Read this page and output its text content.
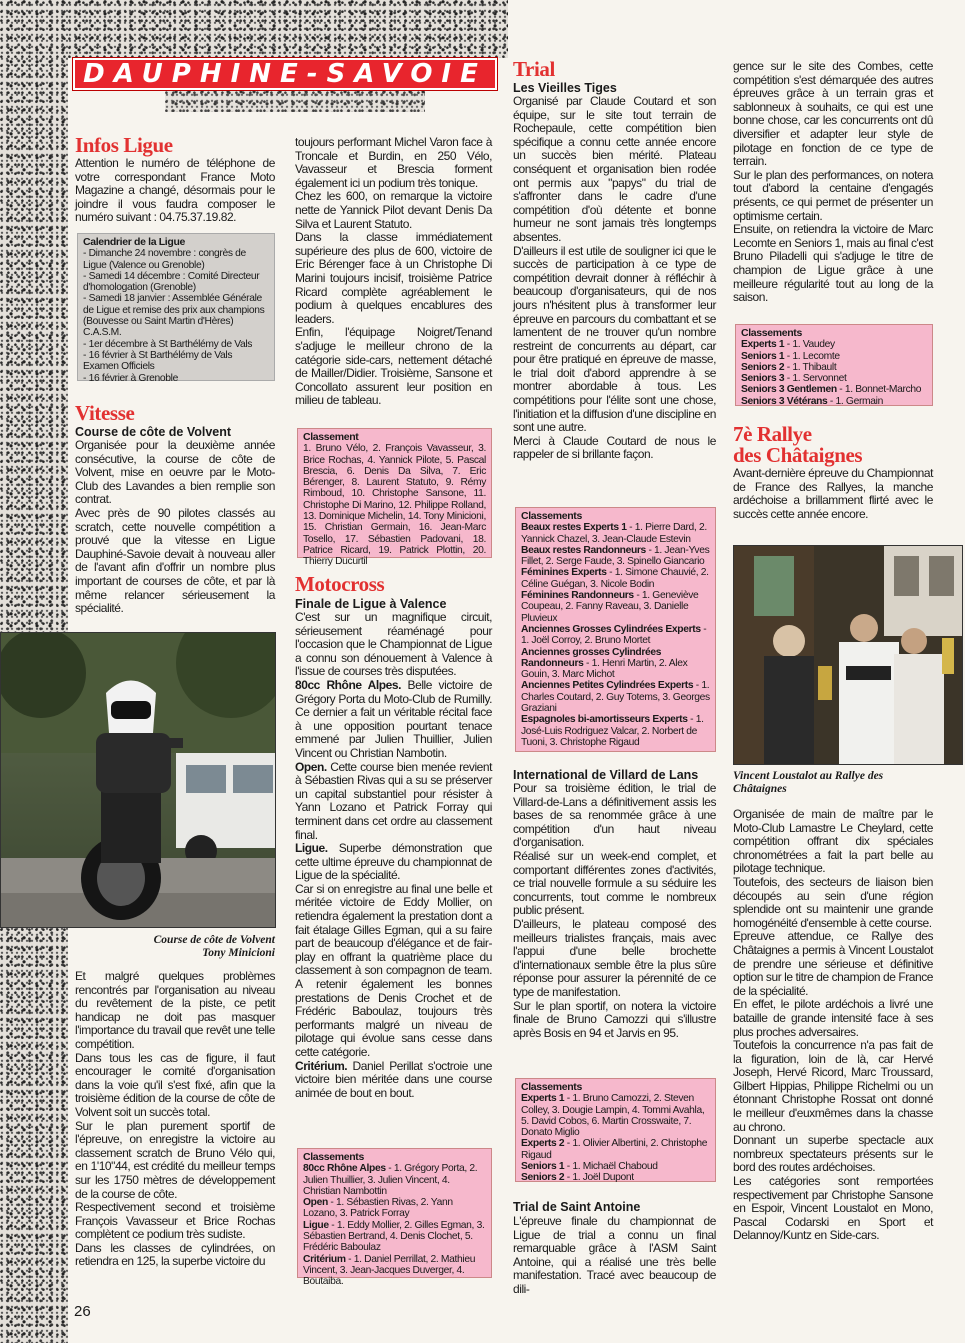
DAUPHINE-SAVOIE
Infos Ligue
Attention le numéro de téléphone de votre correspondant France Moto Magazine a changé, désormais pour le joindre il vous faudra composer le numéro suivant : 04.75.37.19.82.
Calendrier de la Ligue
- Dimanche 24 novembre : congrès de Ligue (Valence ou Grenoble)
- Samedi 14 décembre : Comité Directeur d'homologation (Grenoble)
- Samedi 18 janvier : Assemblée Générale de Ligue et remise des prix aux champions (Bouvesse ou Saint Martin d'Hères)
C.A.S.M.
- 1er décembre à St Barthélémy de Vals
- 16 février à St Barthélémy de Vals
Examen Officiels
- 16 février à Grenoble
Vitesse
Course de côte de Volvent

Organisée pour la deuxième année consécutive, la course de côte de Volvent, mise en oeuvre par le Moto-Club des Lavandes a bien remplie son contrat.

Avec près de 90 pilotes classés au scratch, cette nouvelle compétition a prouvé que la vitesse en Ligue Dauphiné-Savoie devait à nouveau aller de l'avant afin d'offrir un nombre plus important de courses de côte, et par là même relancer sérieusement la spécialité.

Course de côte de Volvent
Tony Minicioni

Et malgré quelques problèmes rencontrés par l'organisation au niveau du revêtement de la piste, ce petit handicap ne doit pas masquer l'importance du travail que revêt une telle compétition.

Dans tous les cas de figure, il faut encourager le comité d'organisation dans la voie qu'il s'est fixé, afin que la troisième édition de la course de côte de Volvent soit un succès total.

Sur le plan purement sportif de l'épreuve, on enregistre la victoire au classement scratch de Bruno Vélo qui, en 1'10"44, est crédité du meilleur temps sur les 1750 mètres de développement de la course de côte.

Respectivement second et troisième François Vavasseur et Brice Rochas complètent ce podium très sudiste.

Dans les classes de cylindrées, on retiendra en 125, la superbe victoire du

26

toujours performant Michel Varon face à Troncale et Burdin, en 250 Vélo, Vavasseur et Brescia forment également ici un podium très tonique.

Chez les 600, on remarque la victoire nette de Yannick Pilot devant Denis Da Silva et Laurent Statuto.

Dans la classe immédiatement supérieure des plus de 600, victoire de Eric Bérenger face à un Christophe Di Marini toujours incisif, troisième Patrice Ricard complète agréablement le podium à quelques encablures des leaders.

Enfin, l'équipage Noigret/Tenand s'adjuge le meilleur chrono de la catégorie side-cars, nettement détaché de Mailler/Didier. Troisième, Sansone et Concollato assurent leur position en milieu de tableau.

Classement
1. Bruno Vélo, 2. François Vavasseur, 3. Brice Rochas, 4. Yannick Pilote, 5. Pascal Brescia, 6. Denis Da Silva, 7. Eric Bérenger, 8. Laurent Statuto, 9. Rémy Rimboud, 10. Christophe Sansone, 11. Christophe Di Marino, 12. Philippe Rolland, 13. Dominique Michelin, 14. Tony Minicioni, 15. Christian Germain, 16. Jean-Marc Tosello, 17. Sébastien Padovani, 18. Patrice Ricard, 19. Patrick Plottin, 20. Thierry Ducurtil
Motocross
Finale de Ligue à Valence

C'est sur un magnifique circuit, sérieusement réaménagé pour l'occasion que le Championnat de Ligue a connu son dénouement à Valence à l'issue de courses très disputées.

80cc Rhône Alpes. Belle victoire de Grégory Porta du Moto-Club de Rumilly. Ce dernier a fait un véritable récital face à une opposition pourtant tenace emmené par Julien Thuillier, Julien Vincent ou Christian Nambotin.

Open. Cette course bien menée revient à Sébastien Rivas qui a su se préserver un capital substantiel pour résister à Yann Lozano et Patrick Forray qui terminent dans cet ordre au classement final.

Ligue. Superbe démonstration que cette ultime épreuve du championnat de Ligue de la spécialité.

Car si on enregistre au final une belle et méritée victoire de Eddy Mollier, on retiendra également la prestation dont a fait étalage Gilles Egman, qui a su faire part de beaucoup d'élégance et de fair-play en offrant la quatrième place du classement à son compagnon de team. A retenir également les bonnes prestations de Denis Crochet et de Frédéric Baboulaz, toujours très performants malgré un niveau de pilotage qui évolue sans cesse dans cette catégorie.

Critérium. Daniel Perillat s'octroie une victoire bien méritée dans une course animée de bout en bout.

Classements
80cc Rhône Alpes - 1. Grégory Porta, 2. Julien Thuillier, 3. Julien Vincent, 4. Christian Nambottin
Open - 1. Sébastien Rivas, 2. Yann Lozano, 3. Patrick Forray
Ligue - 1. Eddy Mollier, 2. Gilles Egman, 3. Sébastien Bertrand, 4. Denis Clochet, 5. Frédéric Baboulaz
Critérium - 1. Daniel Perrillat, 2. Mathieu Vincent, 3. Jean-Jacques Duverger, 4. Boutaiba.
Trial
Les Vieilles Tiges

Organisé par Claude Coutard et son équipe, sur le site tout terrain de Rochepaule, cette compétition bien spécifique a connu cette année encore un succès bien mérité. Plateau conséquent et organisation bien rodée ont permis aux "papys" du trial de s'affronter dans le cadre d'une compétition d'où détente et bonne humeur ne sont jamais très longtemps absentes.

D'ailleurs il est utile de souligner ici que le succès de participation à ce type de compétition devrait donner à réfléchir à beaucoup d'organisateurs, qui de nos jours n'hésitent plus à transformer leur épreuve en parcours du combattant et se lamentent de ne trouver qu'un nombre restreint de concurrents au départ, car pour être pratiqué en épreuve de masse, le trial doit d'abord apprendre à se montrer abordable à tous. Les compétitions pour l'élite sont une chose, l'initiation et la diffusion d'une discipline en sont une autre.

Merci à Claude Coutard de nous le rappeler de si brillante façon.

Classements
Beaux restes Experts 1 - 1. Pierre Dard, 2. Yannick Chazel, 3. Jean-Claude Estevin
Beaux restes Randonneurs - 1. Jean-Yves Fillet, 2. Serge Faude, 3. Spinello Giancario
Féminines Experts - 1. Simone Chauvié, 2. Céline Guégan, 3. Nicole Bodin
Féminines Randonneurs - 1. Geneviève Coupeau, 2. Fanny Raveau, 3. Danielle Pluvieux
Anciennes Grosses Cylindrées Experts - 1. Joël Corroy, 2. Bruno Mortet
Anciennes grosses Cylindrées Randonneurs - 1. Henri Martin, 2. Alex Gouin, 3. Marc Michot
Anciennes Petites Cylindrées Experts - 1. Charles Coutard, 2. Guy Totems, 3. Georges Graziani
Espagnoles bi-amortisseurs Experts - 1. José-Luis Rodriguez Valcar, 2. Norbert de Tuoni, 3. Christophe Rigaud
International de Villard de Lans

Pour sa troisième édition, le trial de Villard-de-Lans a définitivement assis les bases de sa renommée grâce à une compétition d'un haut niveau d'organisation.

Réalisé sur un week-end complet, et comportant différentes zones d'activités, ce trial nouvelle formule a su séduire les concurrents, tout comme le nombreux public présent.

D'ailleurs, le plateau composé des meilleurs trialistes français, mais avec l'appui d'une belle brochette d'internationaux semble être la plus sûre réponse pour assurer la pérennité de ce type de manifestation.

Sur le plan sportif, on notera la victoire finale de Bruno Camozzi qui s'illustre après Bosis en 94 et Jarvis en 95.

Classements
Experts 1 - 1. Bruno Camozzi, 2. Steven Colley, 3. Dougie Lampin, 4. Tommi Avahla, 5. David Cobos, 6. Martin Crosswaite, 7. Donato Miglio
Experts 2 - 1. Olivier Albertini, 2. Christophe Rigaud
Seniors 1 - 1. Michaël Chaboud
Seniors 2 - 1. Joël Dupont
Trial de Saint Antoine
L'épreuve finale du championnat de Ligue de trial a connu un final remarquable grâce à l'ASM Saint Antoine, qui a réalisé une très belle manifestation. Tracé avec beaucoup de dili-

gence sur le site des Combes, cette compétition s'est démarquée des autres épreuves grâce à un terrain gras et sablonneux à souhaits, ce qui est une bonne chose, car les concurrents ont dû diversifier et adapter leur style de pilotage en fonction de ce type de terrain.

Sur le plan des performances, on notera tout d'abord la centaine d'engagés présents, ce qui permet de présenter un optimisme certain.

Ensuite, on retiendra la victoire de Marc Lecomte en Seniors 1, mais au final c'est Bruno Piladelli qui s'adjuge le titre de champion de Ligue grâce à une meilleure régularité tout au long de la saison.

Classements
Experts 1 - 1. Vaudey
Seniors 1 - 1. Lecomte
Seniors 2 - 1. Thibault
Seniors 3 - 1. Servonnet
Seniors 3 Gentlemen - 1. Bonnet-Marcho
Seniors 3 Vétérans - 1. Germain
7è Rallye
des Châtaignes
Avant-dernière épreuve du Championnat de France des Rallyes, la manche ardéchoise a brillamment flirté avec le succès cette année encore.
Vincent Loustalot au Rallye des Châtaignes

Organisée de main de maître par le Moto-Club Lamastre Le Cheylard, cette compétition offrant dix spéciales chronométrées a fait la part belle au pilotage technique.

Toutefois, des secteurs de liaison bien découpés au sein d'une région splendide ont su maintenir une grande homogénéité d'ensemble à cette course.

Epreuve attendue, ce Rallye des Châtaignes a permis à Vincent Loustalot de prendre une sérieuse et définitive option sur le titre de champion de France de la spécialité.

En effet, le pilote ardéchois a livré une bataille de grande intensité face à ses plus proches adversaires.

Toutefois la concurrence n'a pas fait de la figuration, loin de là, car Hervé Joseph, Hervé Ricord, Marc Troussard, Gilbert Hippias, Philippe Richelmi ou un étonnant Christophe Rossat ont donné le meilleur d'euxmêmes dans la chasse au chrono.

Donnant un superbe spectacle aux nombreux spectateurs présents sur le bord des routes ardéchoises.

Les catégories sont remportées respectivement par Christophe Sansone en Espoir, Vincent Loustalot en Mono, Pascal Codarski en Sport et Delannoy/Kuntz en Side-cars.
